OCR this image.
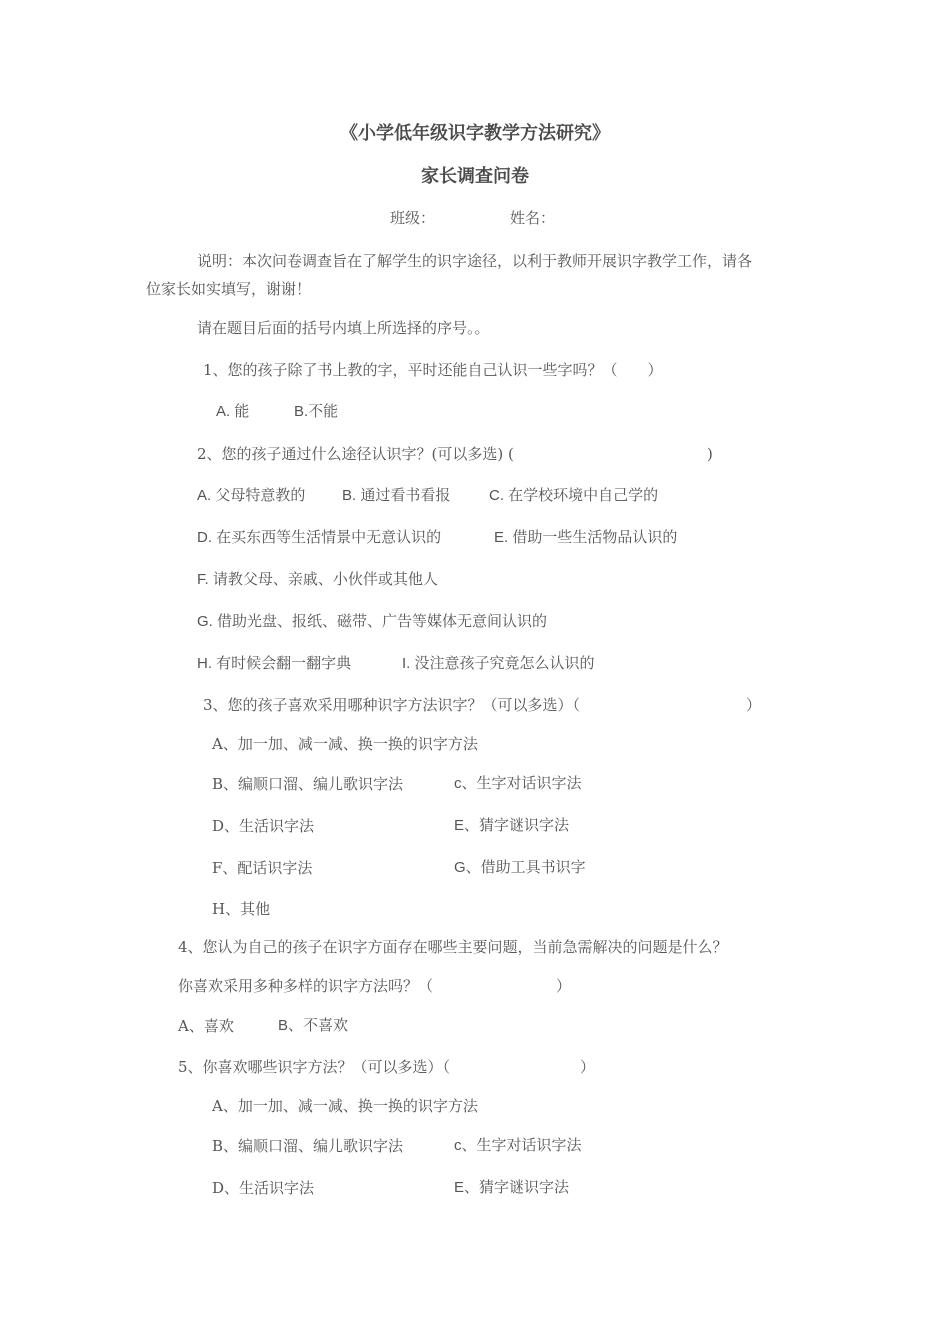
《小学低年级识字教学方法研究》
家长调查问卷
班级：	姓名：
说明：本次问卷调查旨在了解学生的识字途径，以利于教师开展识字教学工作，请各
位家长如实填写，谢谢！
请在题目后面的括号内填上所选择的序号。。
1、您的孩子除了书上教的字，平时还能自己认识一些字吗？（　　）
A. 能	B.不能
2、您的孩子通过什么途径认识字？(可以多选) (	)
A. 父母特意教的 B. 通过看书看报	C. 在学校环境中自己学的
D. 在买东西等生活情景中无意认识的	E. 借助一些生活物品认识的
F. 请教父母、亲戚、小伙伴或其他人
G. 借助光盘、报纸、磁带、广告等媒体无意间认识的
H. 有时候会翻一翻字典	I. 没注意孩子究竟怎么认识的
3、您的孩子喜欢采用哪种识字方法识字？（可以多选）（	）
A、加一加、减一减、换一换的识字方法
B、编顺口溜、编儿歌识字法	c、生字对话识字法
D、生活识字法	E、猜字谜识字法
F、配话识字法	G、借助工具书识字
H、其他
4、您认为自己的孩子在识字方面存在哪些主要问题，当前急需解决的问题是什么？
你喜欢采用多种多样的识字方法吗？（	）
A、喜欢	B、不喜欢
5、你喜欢哪些识字方法？（可以多选）（	）
A、加一加、减一减、换一换的识字方法
B、编顺口溜、编儿歌识字法	c、生字对话识字法
D、生活识字法	E、猜字谜识字法
